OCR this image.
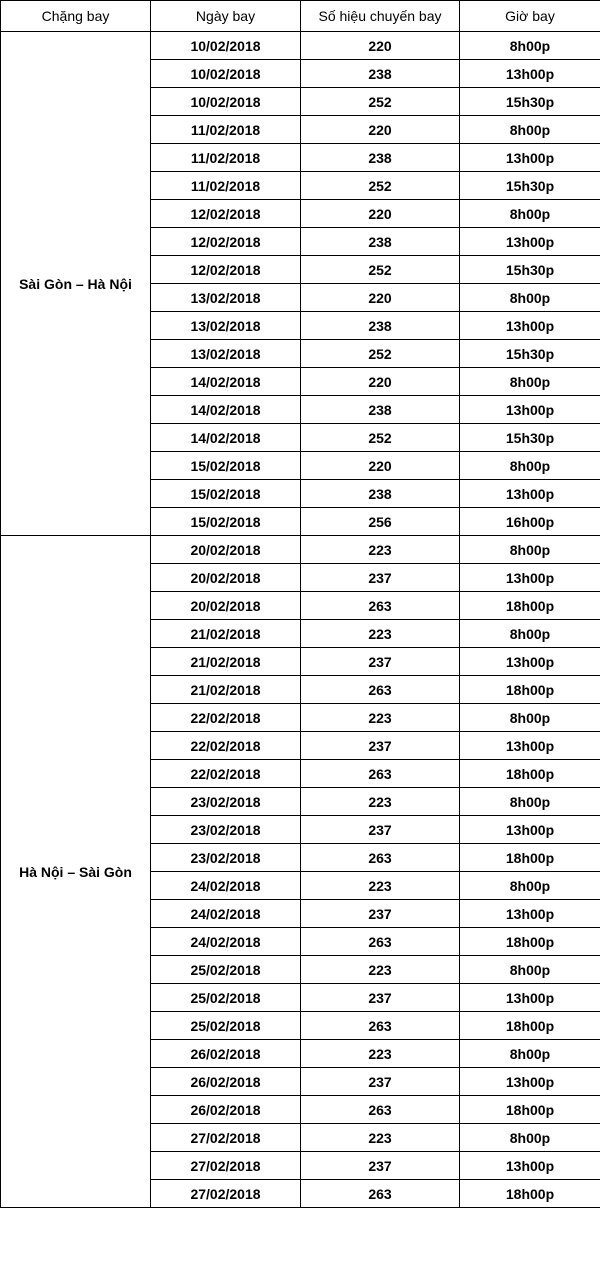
Chặng bay	Ngày bay	Số hiệu chuyến bay	Giờ bay
Sài Gòn – Hà Nội	10/02/2018	220	8h00p
	10/02/2018	238	13h00p
	10/02/2018	252	15h30p
	11/02/2018	220	8h00p
	11/02/2018	238	13h00p
	11/02/2018	252	15h30p
	12/02/2018	220	8h00p
	12/02/2018	238	13h00p
	12/02/2018	252	15h30p
	13/02/2018	220	8h00p
	13/02/2018	238	13h00p
	13/02/2018	252	15h30p
	14/02/2018	220	8h00p
	14/02/2018	238	13h00p
	14/02/2018	252	15h30p
	15/02/2018	220	8h00p
	15/02/2018	238	13h00p
	15/02/2018	256	16h00p
Hà Nội – Sài Gòn	20/02/2018	223	8h00p
	20/02/2018	237	13h00p
	20/02/2018	263	18h00p
	21/02/2018	223	8h00p
	21/02/2018	237	13h00p
	21/02/2018	263	18h00p
	22/02/2018	223	8h00p
	22/02/2018	237	13h00p
	22/02/2018	263	18h00p
	23/02/2018	223	8h00p
	23/02/2018	237	13h00p
	23/02/2018	263	18h00p
	24/02/2018	223	8h00p
	24/02/2018	237	13h00p
	24/02/2018	263	18h00p
	25/02/2018	223	8h00p
	25/02/2018	237	13h00p
	25/02/2018	263	18h00p
	26/02/2018	223	8h00p
	26/02/2018	237	13h00p
	26/02/2018	263	18h00p
	27/02/2018	223	8h00p
	27/02/2018	237	13h00p
	27/02/2018	263	18h00p
